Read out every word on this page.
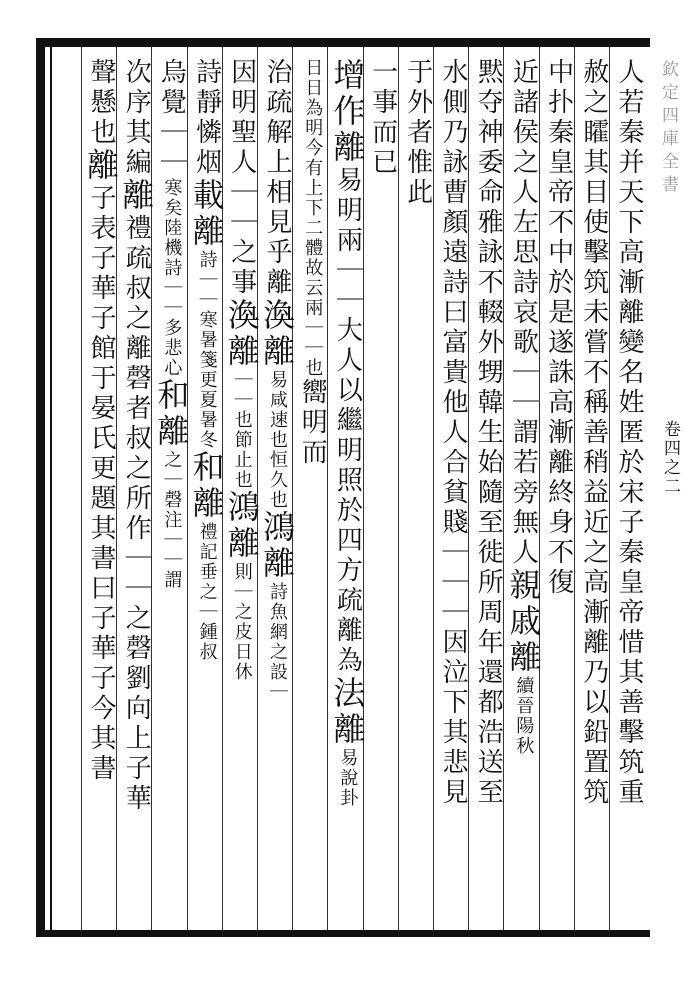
卷四之二
欽定四庫全書
人若秦并天下高漸離變名姓匿於宋子秦皇帝惜其善擊筑重
赦之矐其目使擊筑未嘗不稱善稍益近之高漸離乃以鉛置筑
中扑秦皇帝不中於是遂誅高漸離終身不復
近諸侯之人左思詩哀歌｜｜謂若旁無人親戚離續晉陽秋
黙夺神委命雅詠不輟外甥韓生始隨至徙所周年還都浩送至
水側乃詠曹顏遠詩曰富貴他人合貧賤｜｜｜因泣下其悲見
于外者惟此
一事而已
增作離易明兩｜｜大人以繼明照於四方疏離為法離易說卦
日日為明今有上下二體故云兩｜｜也嚮明而
治疏解上相見乎離渙離易咸速也恒久也鴻離詩魚網之設｜
因明聖人｜｜之事渙離｜｜也節止也鴻離則｜之皮日休
詩靜憐烟載離詩｜｜寒暑箋更夏暑冬和離禮記垂之｜鍾叔
烏覺｜｜寒矣陸機詩｜｜多悲心和離之｜磬注｜｜謂
次序其編離禮疏叔之離磬者叔之所作｜｜之磬劉向上子華
聲懸也離子表子華子館于晏氏更題其書曰子華子今其書
